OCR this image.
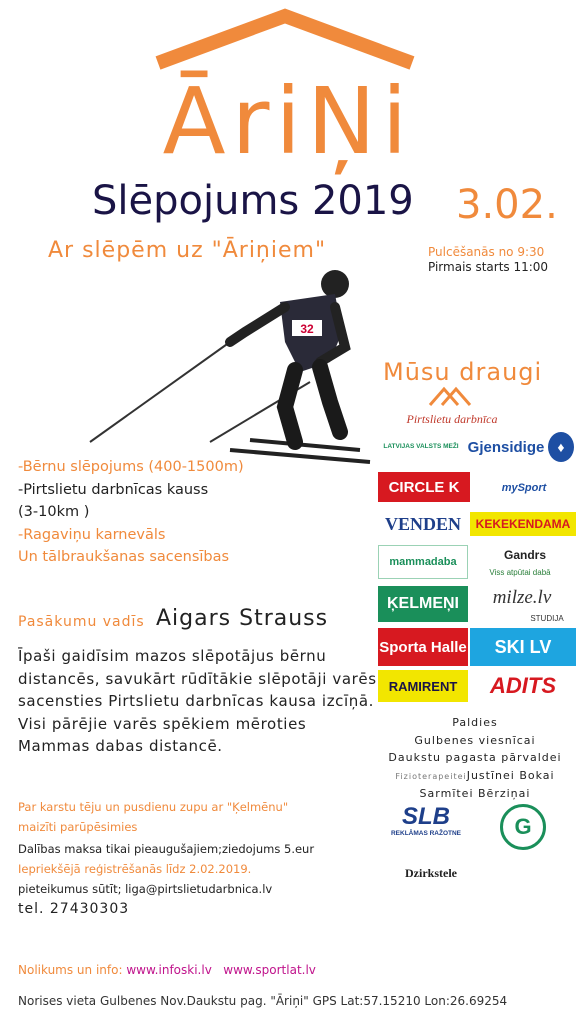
ĀriŅi
Slēpojums 2019 3.02.
Ar slēpēm uz "Āriņiem"	Pulcēšanās no 9:30
Pirmais starts 11:00
32
-Bērnu slēpojums (400-1500m)
-Pirtslietu darbnīcas kauss
(3-10km )
-Ragaviņu karnevāls
Un tālbraukšanas sacensības
Pasākumu vadīs Aigars Strauss
Īpaši gaidīsim mazos slēpotājus bērnu distancēs, savukārt rūdītākie slēpotāji varēs sacensties Pirtslietu darbnīcas kausa izcīņā. Visi pārējie varēs spēkiem mēroties Mammas dabas distancē.
Par karstu tēju un pusdienu zupu ar "Ķelmēnu"
maizīti parūpēsimies
Dalības maksa tikai pieaugušajiem;ziedojums 5.eur
Iepriekšējā reģistrēšanās līdz 2.02.2019.
pieteikumus sūtīt; liga@pirtslietudarbnica.lv
tel. 27430303
Nolikums un info: www.infoski.lv www.sportlat.lv
Norises vieta Gulbenes Nov.Daukstu pag. "Āriņi" GPS Lat:57.15210 Lon:26.69254
Mūsu draugi
Pirtslietu darbnīca
LATVIJAS VALSTS MEŽI Gjensidige ♦
CIRCLE K	mySport
VENDEN	KEKEKENDAMA
mammadaba	Gandrs
Viss atpūtai dabā
ĶELMEŅI	milze.lv
STUDIJA
Sporta Halle	SKI LV
RAMIRENT	ADITS
Paldies
Gulbenes viesnīcai
Daukstu pagasta pārvaldei
FizioterapeiteiJustīnei Bokai
Sarmītei Bērziņai
SLB
REKLĀMAS RAŽOTNE	G
Dzirkstele
